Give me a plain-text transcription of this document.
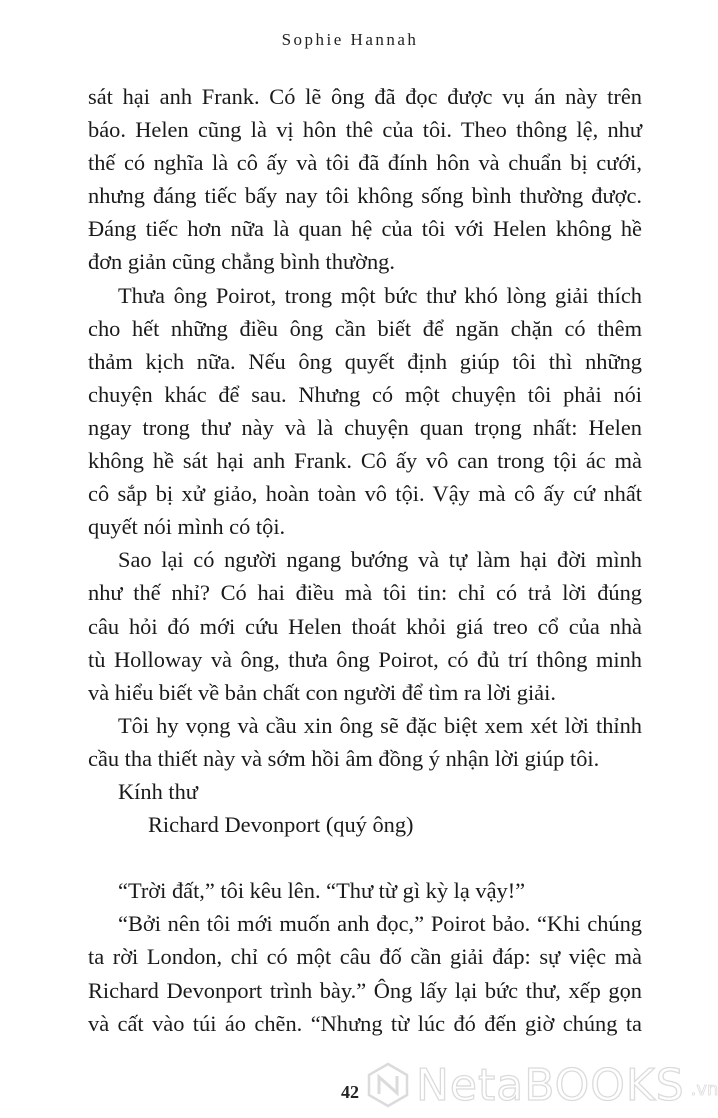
Sophie Hannah
sát hại anh Frank. Có lẽ ông đã đọc được vụ án này trên
báo. Helen cũng là vị hôn thê của tôi. Theo thông lệ, như
thế có nghĩa là cô ấy và tôi đã đính hôn và chuẩn bị cưới,
nhưng đáng tiếc bấy nay tôi không sống bình thường được.
Đáng tiếc hơn nữa là quan hệ của tôi với Helen không hề
đơn giản cũng chẳng bình thường.
Thưa ông Poirot, trong một bức thư khó lòng giải thích
cho hết những điều ông cần biết để ngăn chặn có thêm
thảm kịch nữa. Nếu ông quyết định giúp tôi thì những
chuyện khác để sau. Nhưng có một chuyện tôi phải nói
ngay trong thư này và là chuyện quan trọng nhất: Helen
không hề sát hại anh Frank. Cô ấy vô can trong tội ác mà
cô sắp bị xử giảo, hoàn toàn vô tội. Vậy mà cô ấy cứ nhất
quyết nói mình có tội.
Sao lại có người ngang bướng và tự làm hại đời mình
như thế nhỉ? Có hai điều mà tôi tin: chỉ có trả lời đúng
câu hỏi đó mới cứu Helen thoát khỏi giá treo cổ của nhà
tù Holloway và ông, thưa ông Poirot, có đủ trí thông minh
và hiểu biết về bản chất con người để tìm ra lời giải.
Tôi hy vọng và cầu xin ông sẽ đặc biệt xem xét lời thỉnh
cầu tha thiết này và sớm hồi âm đồng ý nhận lời giúp tôi.
Kính thư
Richard Devonport (quý ông)
“Trời đất,” tôi kêu lên. “Thư từ gì kỳ lạ vậy!”
“Bởi nên tôi mới muốn anh đọc,” Poirot bảo. “Khi chúng
ta rời London, chỉ có một câu đố cần giải đáp: sự việc mà
Richard Devonport trình bày.” Ông lấy lại bức thư, xếp gọn
và cất vào túi áo chẽn. “Nhưng từ lúc đó đến giờ chúng ta
NetaBOOKS .vn
42
